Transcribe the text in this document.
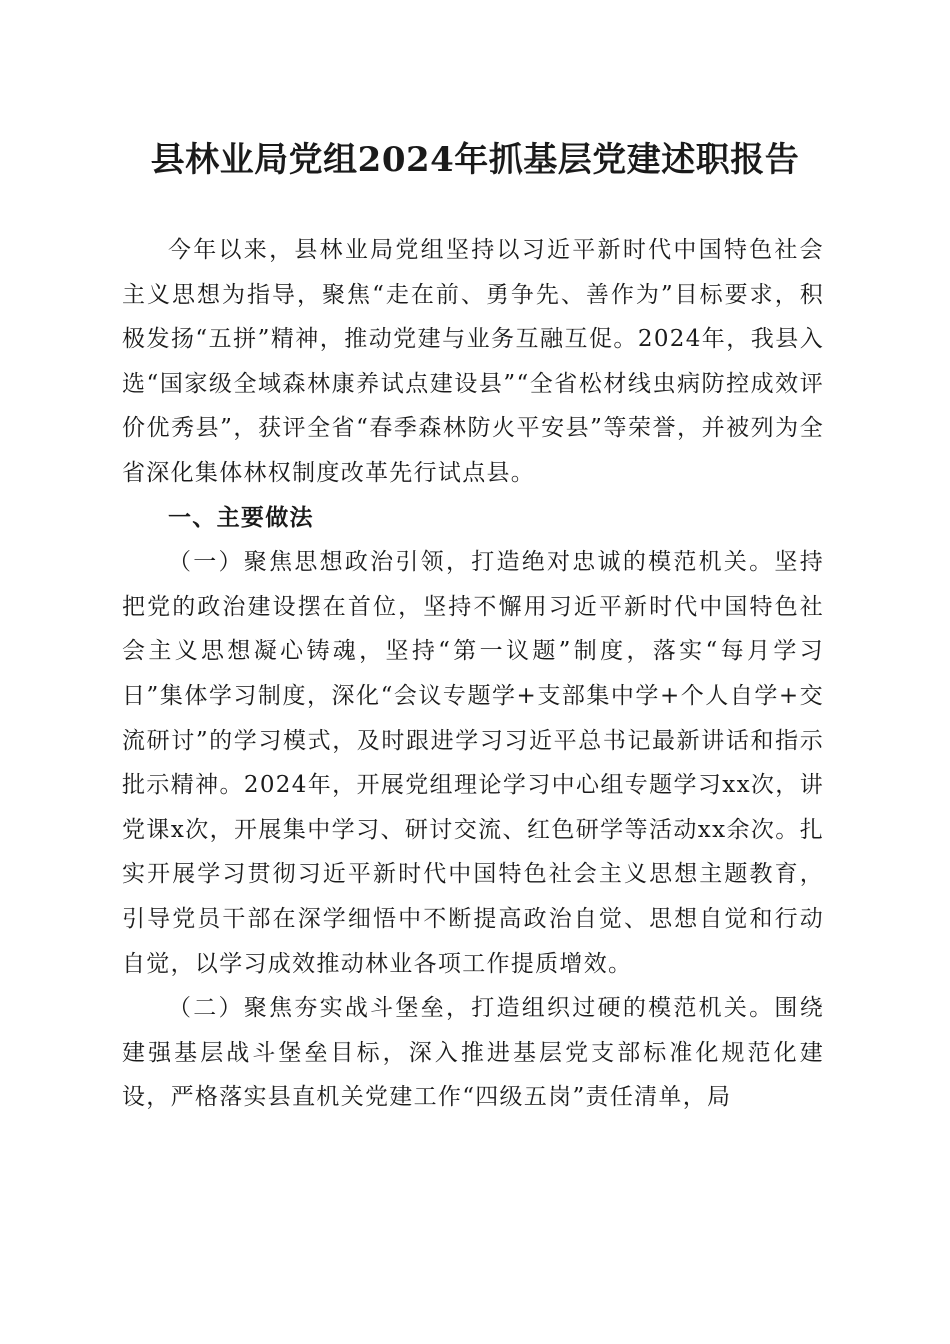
县林业局党组2024年抓基层党建述职报告

今年以来，县林业局党组坚持以习近平新时代中国特色社会主义思想为指导，聚焦“走在前、勇争先、善作为”目标要求，积极发扬“五拼”精神，推动党建与业务互融互促。2024年，我县入选“国家级全域森林康养试点建设县”“全省松材线虫病防控成效评价优秀县”，获评全省“春季森林防火平安县”等荣誉，并被列为全省深化集体林权制度改革先行试点县。

一、主要做法

（一）聚焦思想政治引领，打造绝对忠诚的模范机关。坚持把党的政治建设摆在首位，坚持不懈用习近平新时代中国特色社会主义思想凝心铸魂，坚持“第一议题”制度，落实“每月学习日”集体学习制度，深化“会议专题学+支部集中学+个人自学+交流研讨”的学习模式，及时跟进学习习近平总书记最新讲话和指示批示精神。2024年，开展党组理论学习中心组专题学习xx次，讲党课x次，开展集中学习、研讨交流、红色研学等活动xx余次。扎实开展学习贯彻习近平新时代中国特色社会主义思想主题教育，引导党员干部在深学细悟中不断提高政治自觉、思想自觉和行动自觉，以学习成效推动林业各项工作提质增效。

（二）聚焦夯实战斗堡垒，打造组织过硬的模范机关。围绕建强基层战斗堡垒目标，深入推进基层党支部标准化规范化建设，严格落实县直机关党建工作“四级五岗”责任清单，局
